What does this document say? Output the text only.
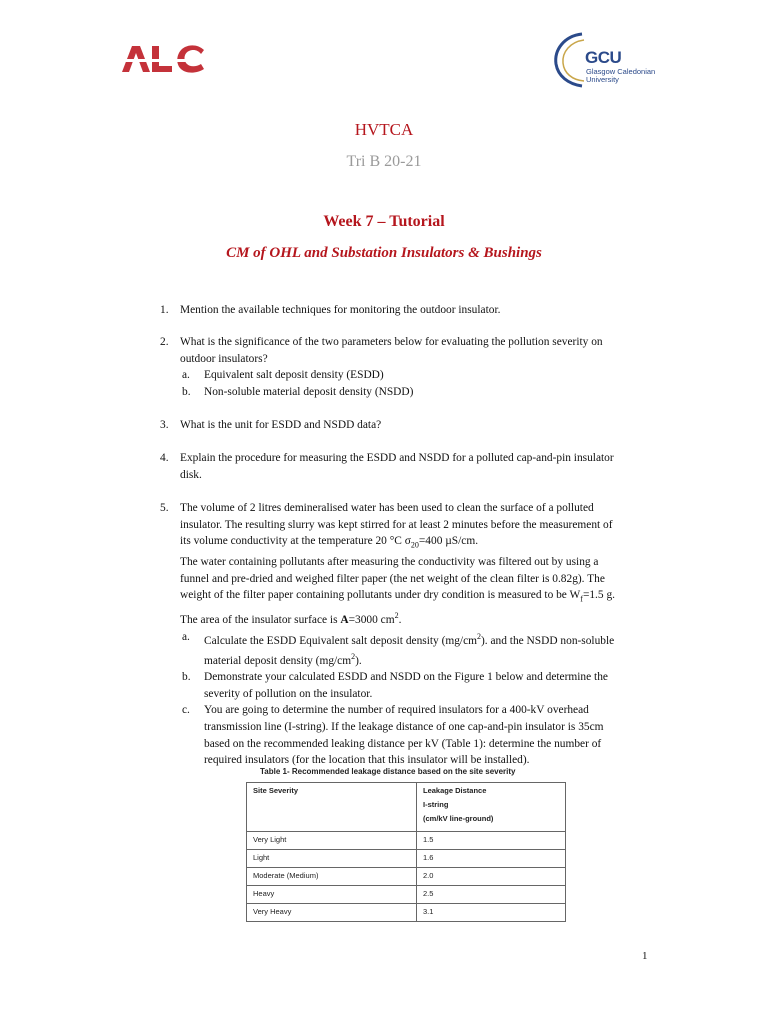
GCU
Glasgow Caledonian
University
HVTCA
Tri B 20-21
Week 7 – Tutorial
CM of OHL and Substation Insulators & Bushings
1. Mention the available techniques for monitoring the outdoor insulator.
2. What is the significance of the two parameters below for evaluating the pollution severity on outdoor insulators?
a. Equivalent salt deposit density (ESDD)
b. Non-soluble material deposit density (NSDD)
3. What is the unit for ESDD and NSDD data?
4. Explain the procedure for measuring the ESDD and NSDD for a polluted cap-and-pin insulator disk.
5. The volume of 2 litres demineralised water has been used to clean the surface of a polluted insulator. The resulting slurry was kept stirred for at least 2 minutes before the measurement of its volume conductivity at the temperature 20 °C $\sigma_{20}=400$ µS/cm.
The water containing pollutants after measuring the conductivity was filtered out by using a funnel and pre-dried and weighed filter paper (the net weight of the clean filter is 0.82g). The weight of the filter paper containing pollutants under dry condition is measured to be $W_f=1.5$ g. The area of the insulator surface is A=3000 $cm^2$.
a. Calculate the ESDD Equivalent salt deposit density $(mg/cm^2)$. and the NSDD non-soluble material deposit density $(mg/cm^2)$.
b. Demonstrate your calculated ESDD and NSDD on the Figure 1 below and determine the severity of pollution on the insulator.
c. You are going to determine the number of required insulators for a 400-kV overhead transmission line (I-string). If the leakage distance of one cap-and-pin insulator is 35cm based on the recommended leaking distance per kV (Table 1): determine the number of required insulators (for the location that this insulator will be installed).
Table 1- Recommended leakage distance based on the site severity
Site Severity	Leakage Distance
I-string
(cm/kV line-ground)

Very Light	1.5
Light	1.6
Moderate (Medium)	2.0
Heavy	2.5
Very Heavy	3.1
1
